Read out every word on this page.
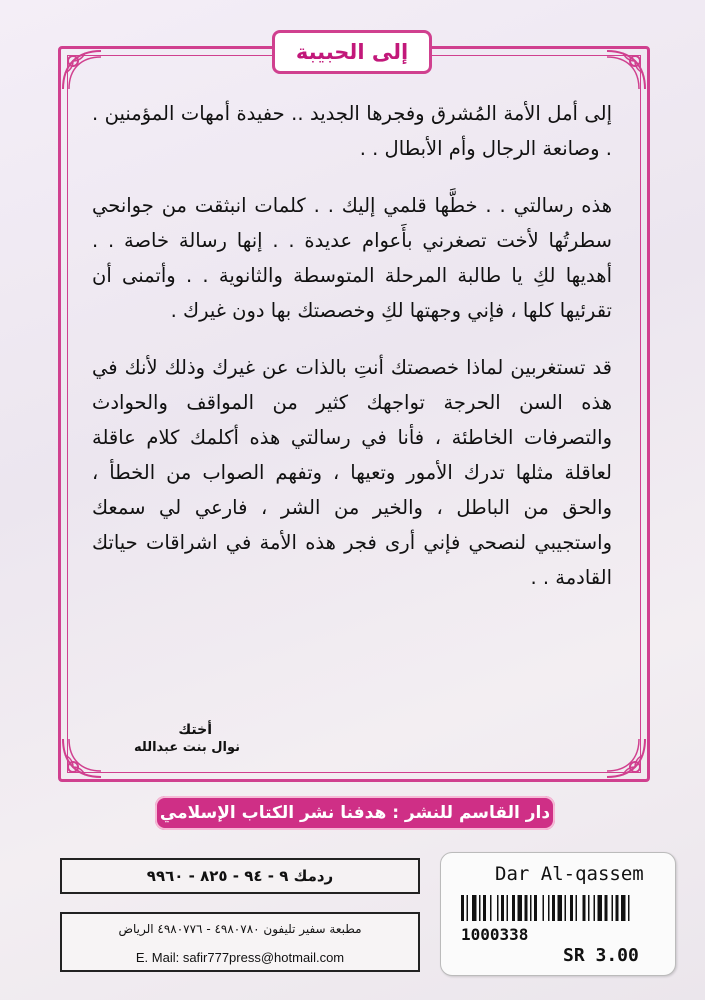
إلى الحبيبة

إلى أمل الأمة المُشرق وفجرها الجديد .. حفيدة أمهات المؤمنين . . وصانعة الرجال وأم الأبطال . .

هذه رسالتي . . خطَّها قلمي إليك . . كلمات انبثقت من جوانحي سطرتُها لأخت تصغرني بأَعوام عديدة . . إنها رسالة خاصة . . أهديها لكِ يا طالبة المرحلة المتوسطة والثانوية . . وأتمنى أن تقرئيها كلها ، فإني وجهتها لكِ وخصصتك بها دون غيرك .

قد تستغربين لماذا خصصتك أنتِ بالذات عن غيرك وذلك لأنك في هذه السن الحرجة تواجهك كثير من المواقف والحوادث والتصرفات الخاطئة ، فأنا في رسالتي هذه أكلمك كلام عاقلة لعاقلة مثلها تدرك الأمور وتعيها ، وتفهم الصواب من الخطأ ، والحق من الباطل ، والخير من الشر ، فارعي لي سمعك واستجيبي لنصحي فإني أرى فجر هذه الأمة في اشراقات حياتك القادمة . .

أختك
نوال بنت عبدالله
دار القاسم للنشر : هدفنا نشر الكتاب الإسلامي
ردمك ٩ - ٩٤ - ٨٢٥ - ٩٩٦٠
مطبعة سفير تليفون ٤٩٨٠٧٨٠ - ٤٩٨٠٧٧٦ الرياض
E. Mail: safir777press@hotmail.com
Dar Al-qassem
1000338
SR 3.00
